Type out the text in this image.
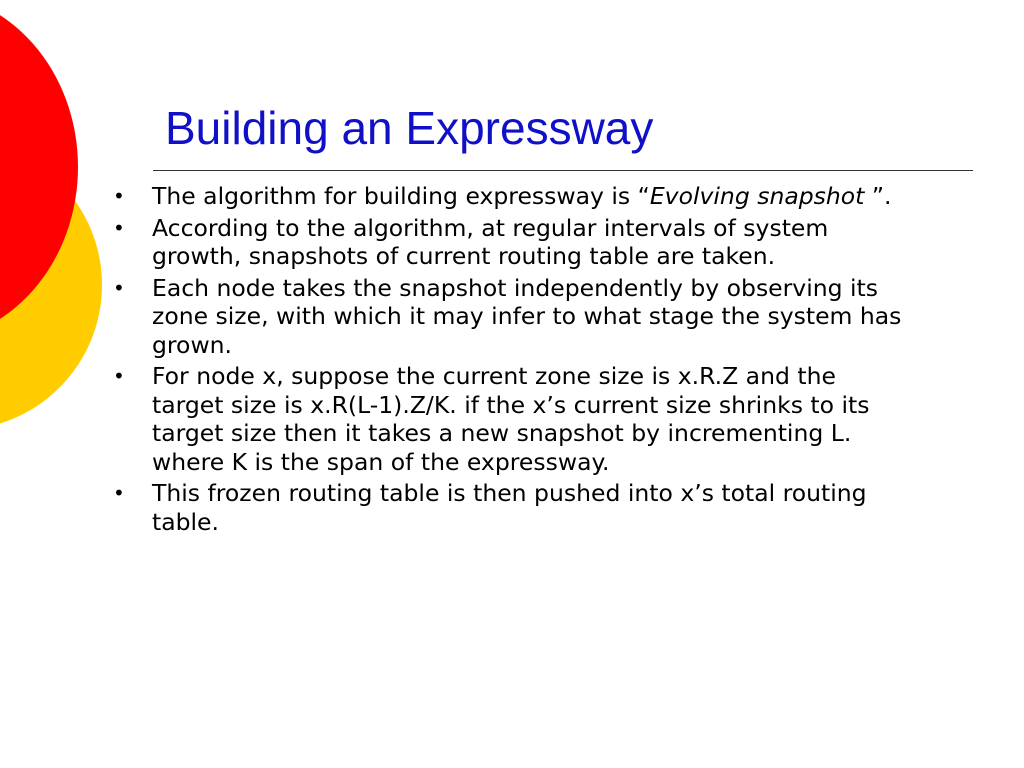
Building an Expressway
•	The algorithm for building expressway is “Evolving snapshot ”.
•	According to the algorithm, at regular intervals of system growth, snapshots of current routing table are taken.
•	Each node takes the snapshot independently by observing its zone size, with which it may infer to what stage the system has grown.
•	For node x, suppose the current zone size is x.R.Z and the target size is x.R(L-1).Z/K. if the x’s current size shrinks to its target size then it takes a new snapshot by incrementing L. where K is the span of the expressway.
•	This frozen routing table is then pushed into x’s total routing table.
